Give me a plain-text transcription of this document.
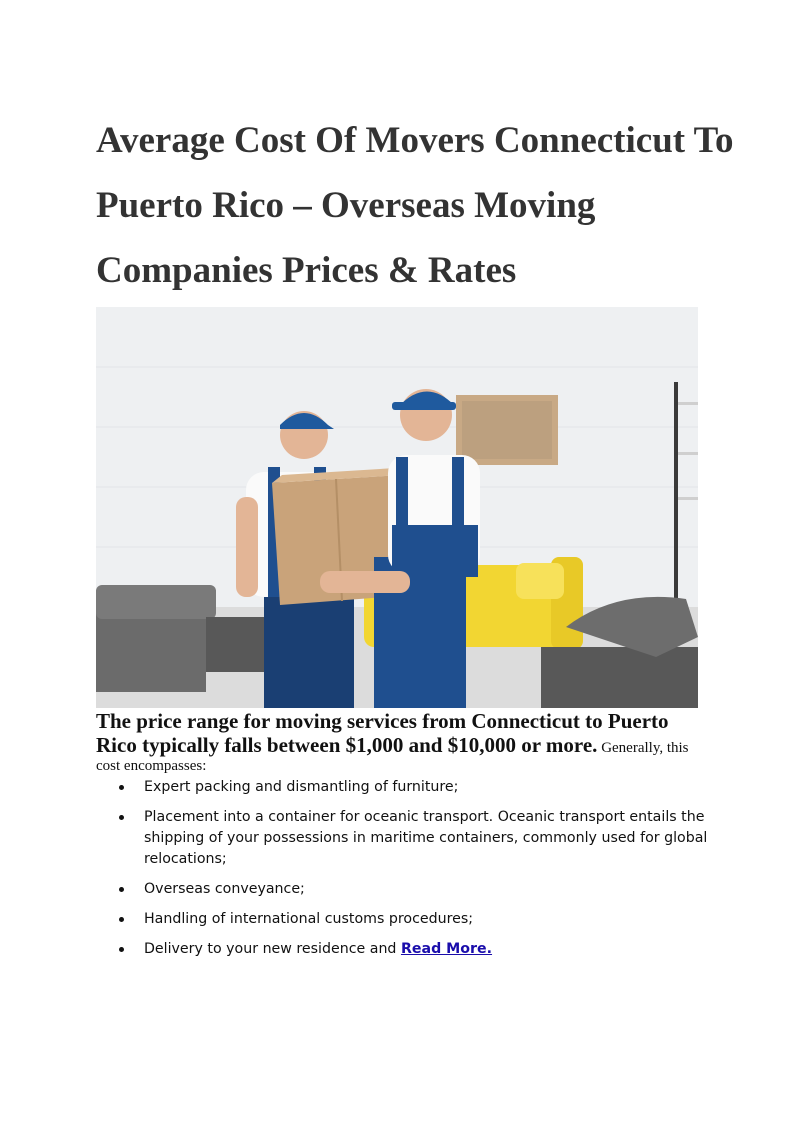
Average Cost Of Movers Connecticut To Puerto Rico – Overseas Moving Companies Prices & Rates

The price range for moving services from Connecticut to Puerto Rico typically falls between $1,000 and $10,000 or more. Generally, this cost encompasses:

Expert packing and dismantling of furniture;
Placement into a container for oceanic transport. Oceanic transport entails the shipping of your possessions in maritime containers, commonly used for global relocations;
Overseas conveyance;
Handling of international customs procedures;
Delivery to your new residence and Read More.
